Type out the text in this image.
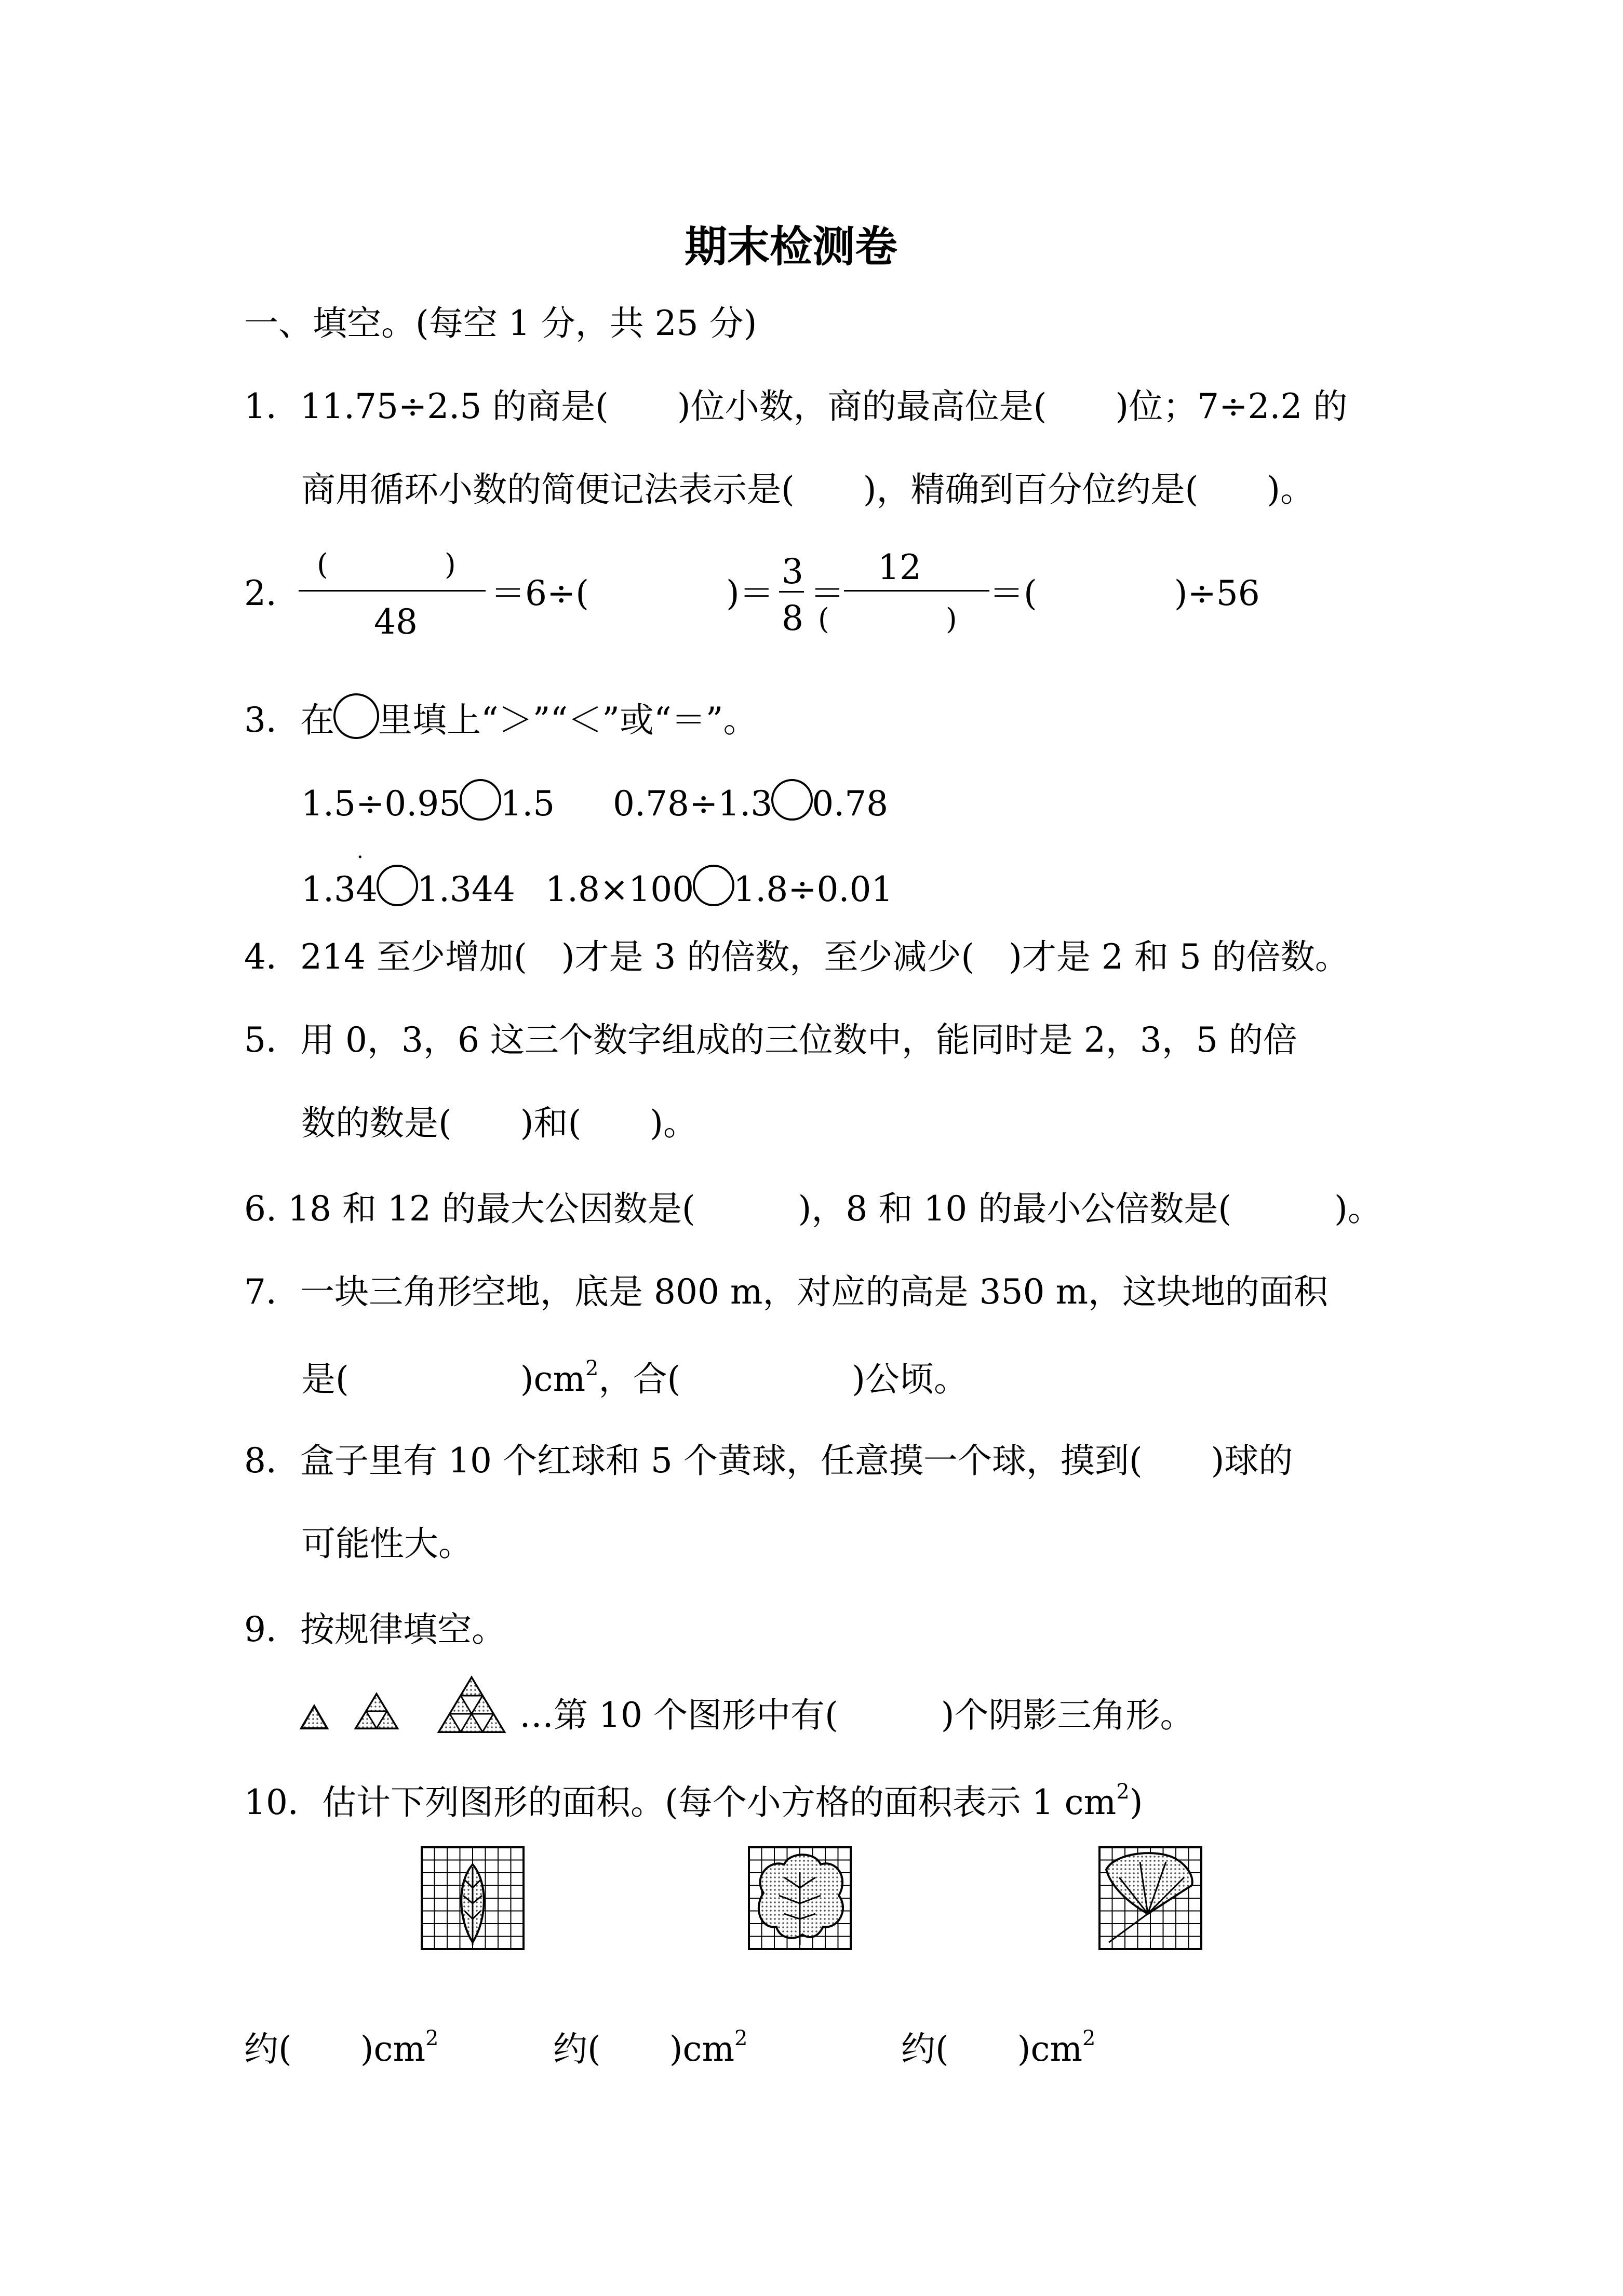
期末检测卷
一、填空。(每空 1 分，共 25 分)
1．11.75÷2.5 的商是(　　)位小数，商的最高位是(　　)位；7÷2.2 的
商用循环小数的简便记法表示是(　　)，精确到百分位约是(　　)。
2．
(　　　　)
48
＝6÷(　　　　)＝
3
8
＝
12
(　　　　)
＝(　　　　)÷56
3．在 里填上“＞”“＜”或“＝”。
1.5÷0.95 1.5 0.78÷1.3 0.78
1.34 1.344
·
1.8×100 1.8÷0.01
4．214 至少增加(　)才是 3 的倍数，至少减少(　)才是 2 和 5 的倍数。
5．用 0，3，6 这三个数字组成的三位数中，能同时是 2，3，5 的倍
数的数是(　　)和(　　)。
6. 18 和 12 的最大公因数是(　　　)，8 和 10 的最小公倍数是(　　　)。
7．一块三角形空地，底是 800 m，对应的高是 350 m，这块地的面积
是(　　　　　)$cm^2$，合(　　　　　)公顷。
8．盒子里有 10 个红球和 5 个黄球，任意摸一个球，摸到(　　)球的
可能性大。
9．按规律填空。
…第 10 个图形中有(　　　)个阴影三角形。
10．估计下列图形的面积。(每个小方格的面积表示 1 $cm^2$)
约(　　)$cm^2$	约(　　)$cm^2$	约(　　)$cm^2$
